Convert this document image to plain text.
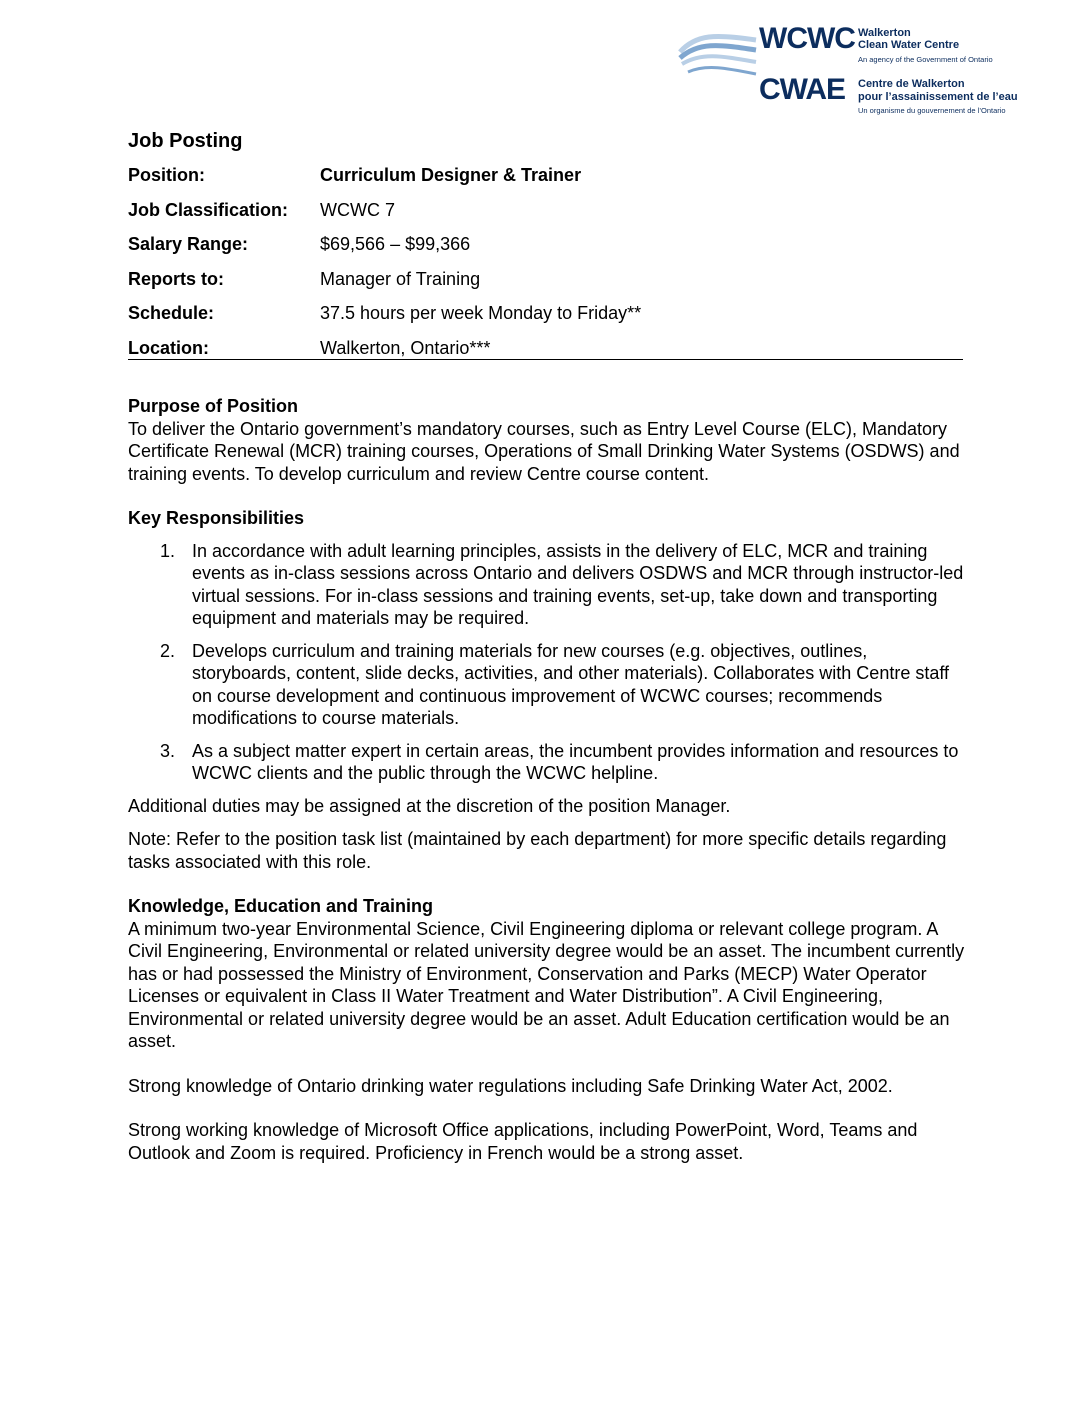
WCWC Walkerton
Clean Water Centre
An agency of the Government of Ontario
CWAE Centre de Walkerton
pour l’assainissement de l’eau
Un organisme du gouvernement de l’Ontario
Job Posting
Position:	Curriculum Designer & Trainer
Job Classification: WCWC 7
Salary Range:	$69,566 – $99,366
Reports to:	Manager of Training
Schedule:	37.5 hours per week Monday to Friday**
Location:	Walkerton, Ontario***

Purpose of Position

To deliver the Ontario government’s mandatory courses, such as Entry Level Course (ELC), Mandatory Certificate Renewal (MCR) training courses, Operations of Small Drinking Water Systems (OSDWS) and training events. To develop curriculum and review Centre course content.

Key Responsibilities

1. In accordance with adult learning principles, assists in the delivery of ELC, MCR and training events as in-class sessions across Ontario and delivers OSDWS and MCR through instructor-led virtual sessions. For in-class sessions and training events, set-up, take down and transporting equipment and materials may be required.
2. Develops curriculum and training materials for new courses (e.g. objectives, outlines, storyboards, content, slide decks, activities, and other materials). Collaborates with Centre staff on course development and continuous improvement of WCWC courses; recommends modifications to course materials.
3. As a subject matter expert in certain areas, the incumbent provides information and resources to WCWC clients and the public through the WCWC helpline.

Additional duties may be assigned at the discretion of the position Manager.

Note: Refer to the position task list (maintained by each department) for more specific details regarding tasks associated with this role.

Knowledge, Education and Training

A minimum two-year Environmental Science, Civil Engineering diploma or relevant college program. A Civil Engineering, Environmental or related university degree would be an asset. The incumbent currently has or had possessed the Ministry of Environment, Conservation and Parks (MECP) Water Operator Licenses or equivalent in Class II Water Treatment and Water Distribution”. A Civil Engineering, Environmental or related university degree would be an asset. Adult Education certification would be an asset.

Strong knowledge of Ontario drinking water regulations including Safe Drinking Water Act, 2002.

Strong working knowledge of Microsoft Office applications, including PowerPoint, Word, Teams and

Outlook and Zoom is required. Proficiency in French would be a strong asset.
